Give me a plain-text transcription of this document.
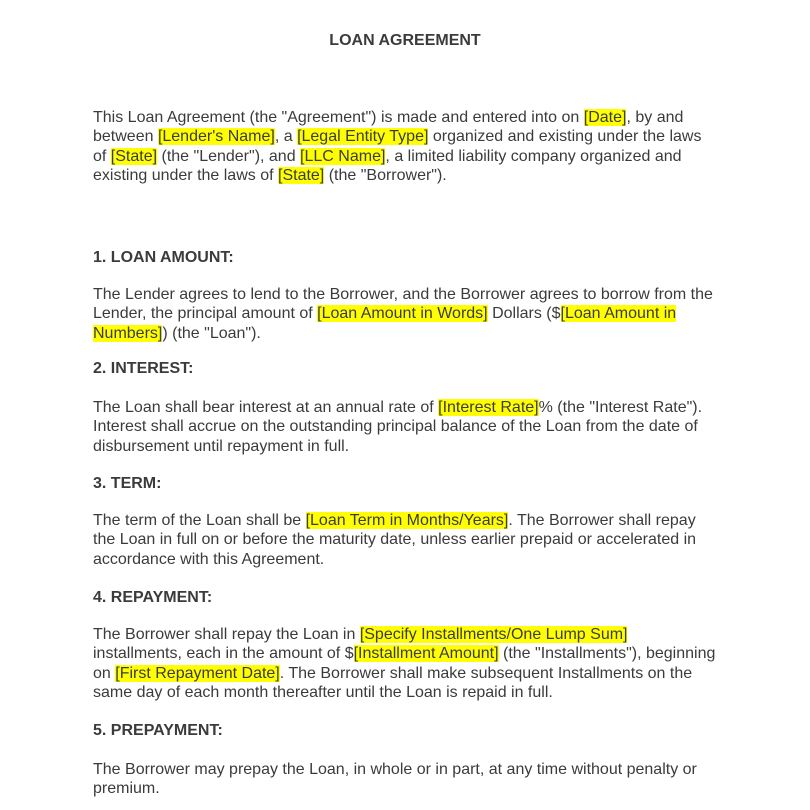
LOAN AGREEMENT
This Loan Agreement (the "Agreement") is made and entered into on [Date], by and between [Lender's Name], a [Legal Entity Type] organized and existing under the laws of [State] (the "Lender"), and [LLC Name], a limited liability company organized and existing under the laws of [State] (the "Borrower").
1. LOAN AMOUNT:
The Lender agrees to lend to the Borrower, and the Borrower agrees to borrow from the Lender, the principal amount of [Loan Amount in Words] Dollars ($[Loan Amount in Numbers]) (the "Loan").
2. INTEREST:
The Loan shall bear interest at an annual rate of [Interest Rate]% (the "Interest Rate"). Interest shall accrue on the outstanding principal balance of the Loan from the date of disbursement until repayment in full.
3. TERM:
The term of the Loan shall be [Loan Term in Months/Years]. The Borrower shall repay the Loan in full on or before the maturity date, unless earlier prepaid or accelerated in accordance with this Agreement.
4. REPAYMENT:
The Borrower shall repay the Loan in [Specify Installments/One Lump Sum] installments, each in the amount of $[Installment Amount] (the "Installments"), beginning on [First Repayment Date]. The Borrower shall make subsequent Installments on the same day of each month thereafter until the Loan is repaid in full.
5. PREPAYMENT:
The Borrower may prepay the Loan, in whole or in part, at any time without penalty or premium.
